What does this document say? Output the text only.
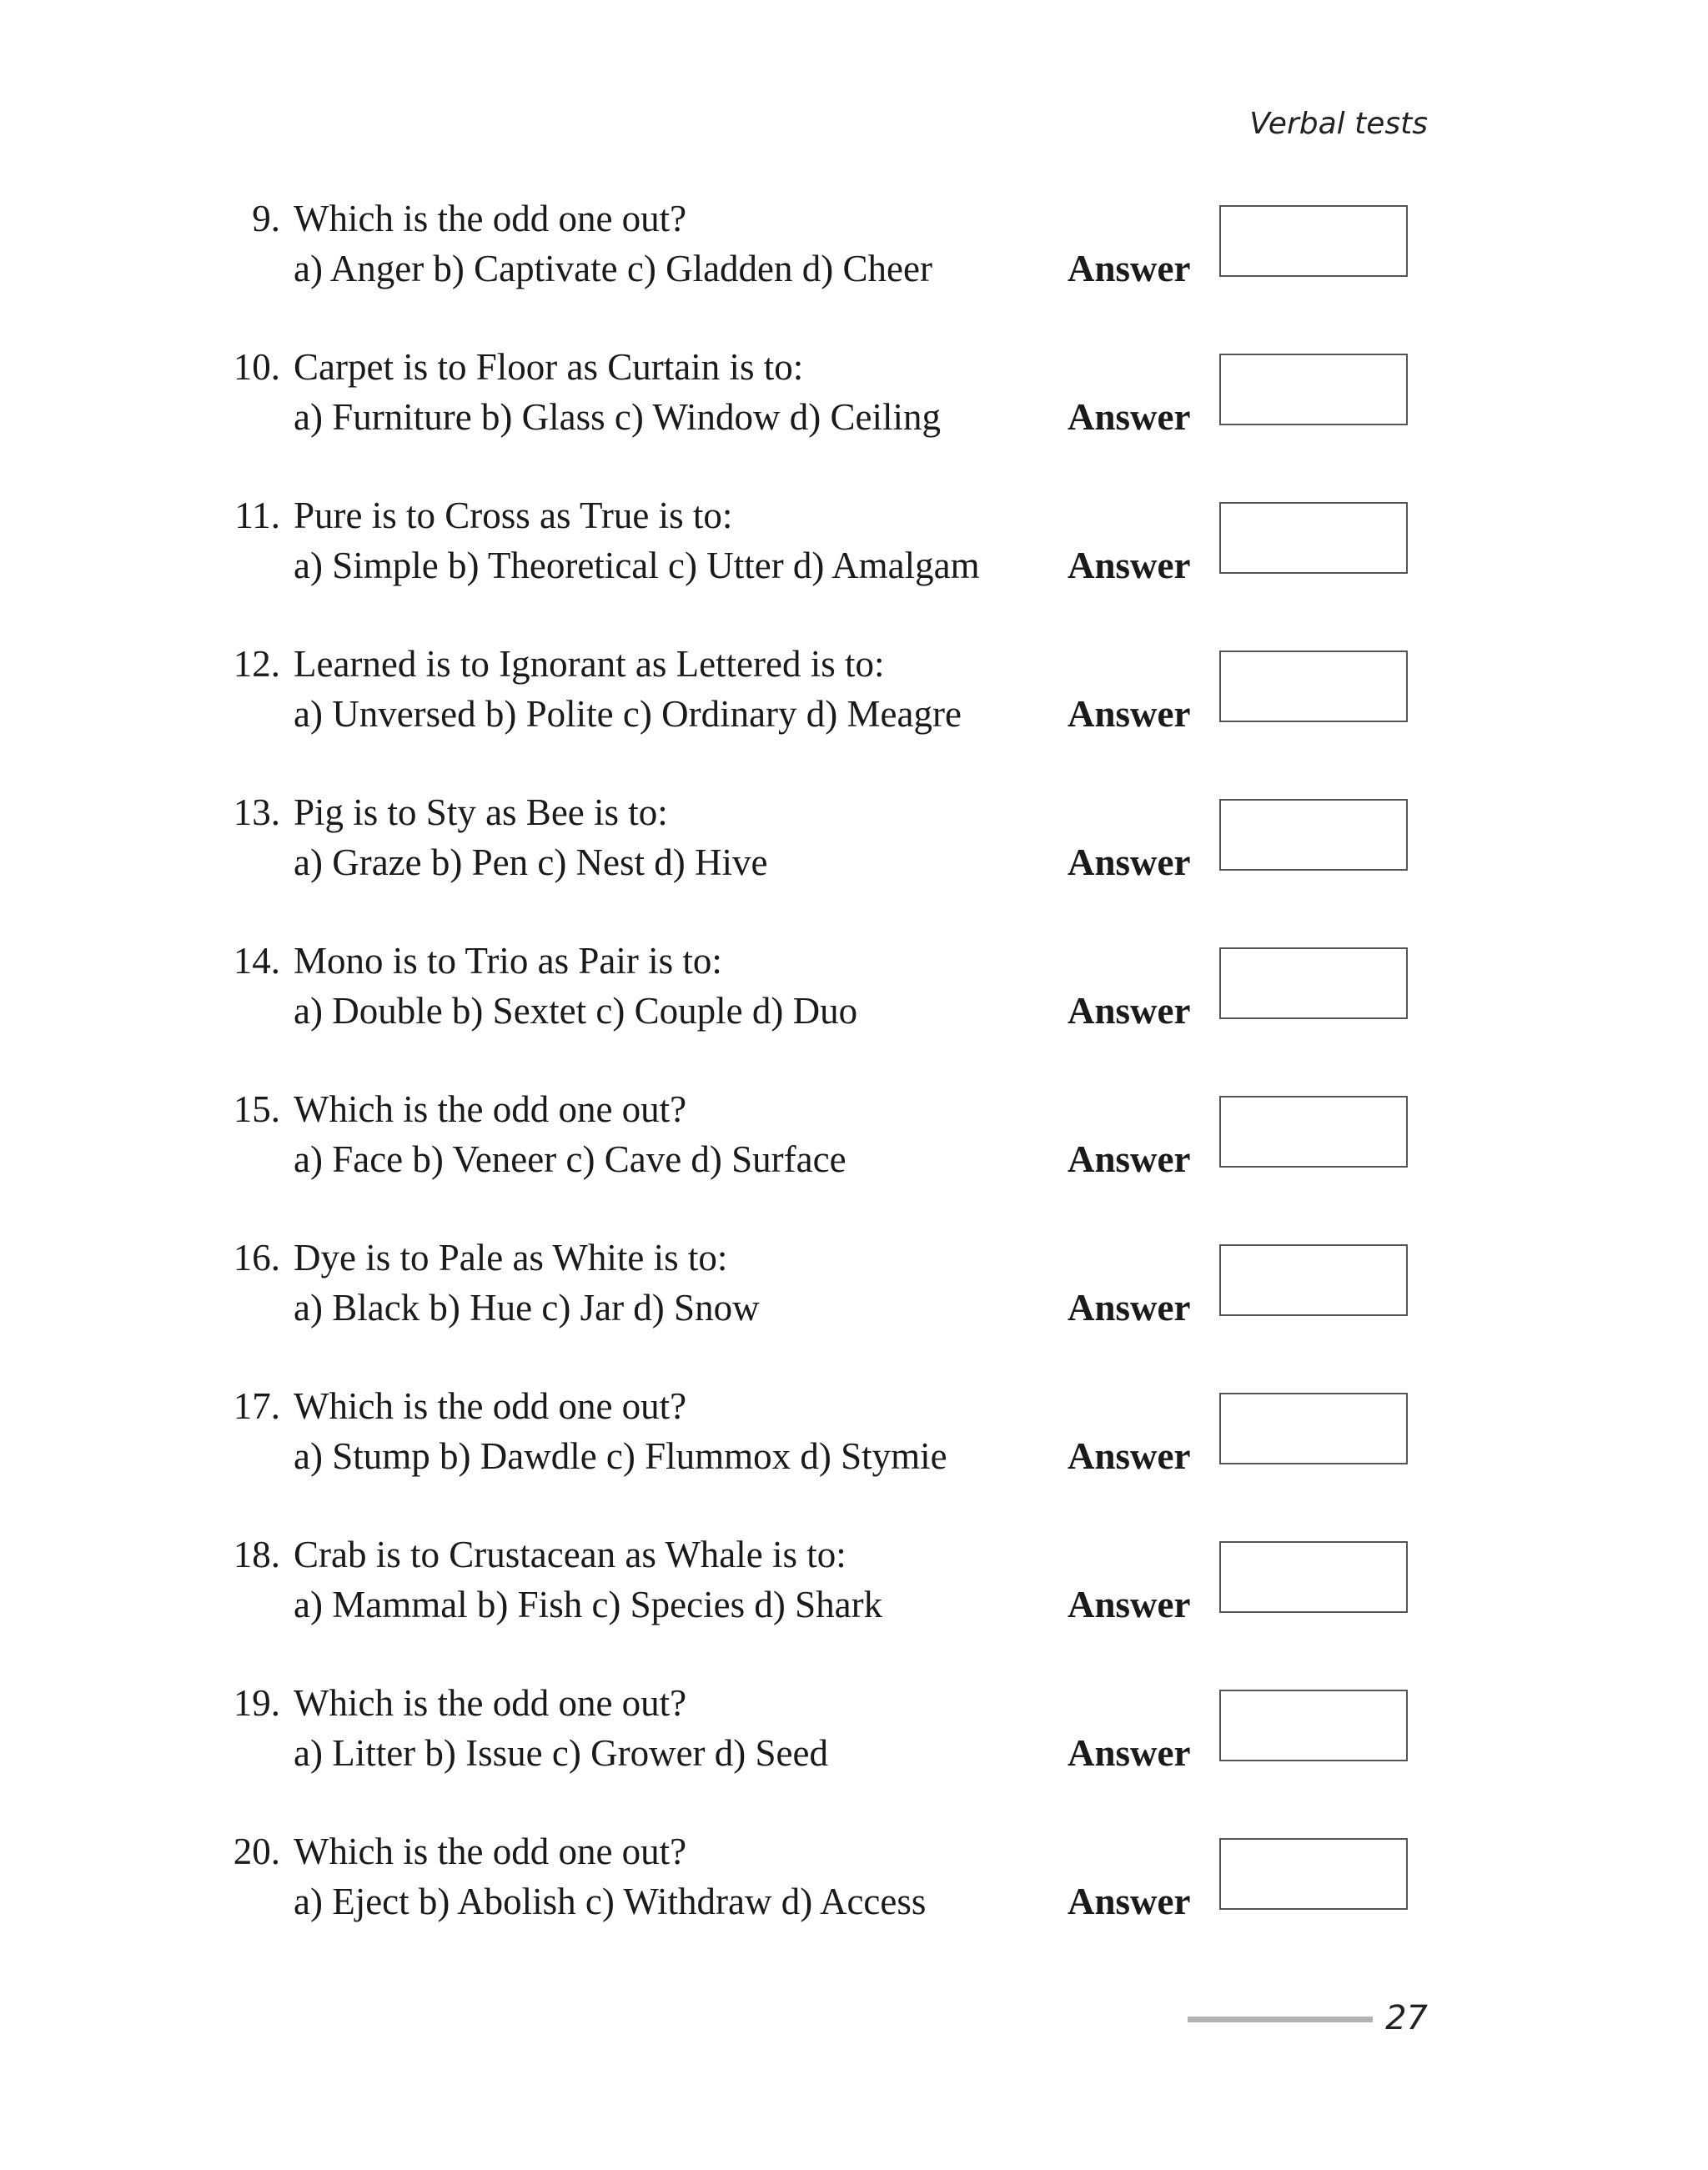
Verbal tests
9. Which is the odd one out?
a) Anger b) Captivate c) Gladden d) Cheer	Answer
10. Carpet is to Floor as Curtain is to:
a) Furniture b) Glass c) Window d) Ceiling	Answer
11. Pure is to Cross as True is to:
a) Simple b) Theoretical c) Utter d) Amalgam Answer
12. Learned is to Ignorant as Lettered is to:
a) Unversed b) Polite c) Ordinary d) Meagre	Answer
13. Pig is to Sty as Bee is to:
a) Graze b) Pen c) Nest d) Hive	Answer
14. Mono is to Trio as Pair is to:
a) Double b) Sextet c) Couple d) Duo	Answer
15. Which is the odd one out?
a) Face b) Veneer c) Cave d) Surface	Answer
16. Dye is to Pale as White is to:
a) Black b) Hue c) Jar d) Snow	Answer
17. Which is the odd one out?
a) Stump b) Dawdle c) Flummox d) Stymie	Answer
18. Crab is to Crustacean as Whale is to:
a) Mammal b) Fish c) Species d) Shark	Answer
19. Which is the odd one out?
a) Litter b) Issue c) Grower d) Seed	Answer
20. Which is the odd one out?
a) Eject b) Abolish c) Withdraw d) Access	Answer
27
